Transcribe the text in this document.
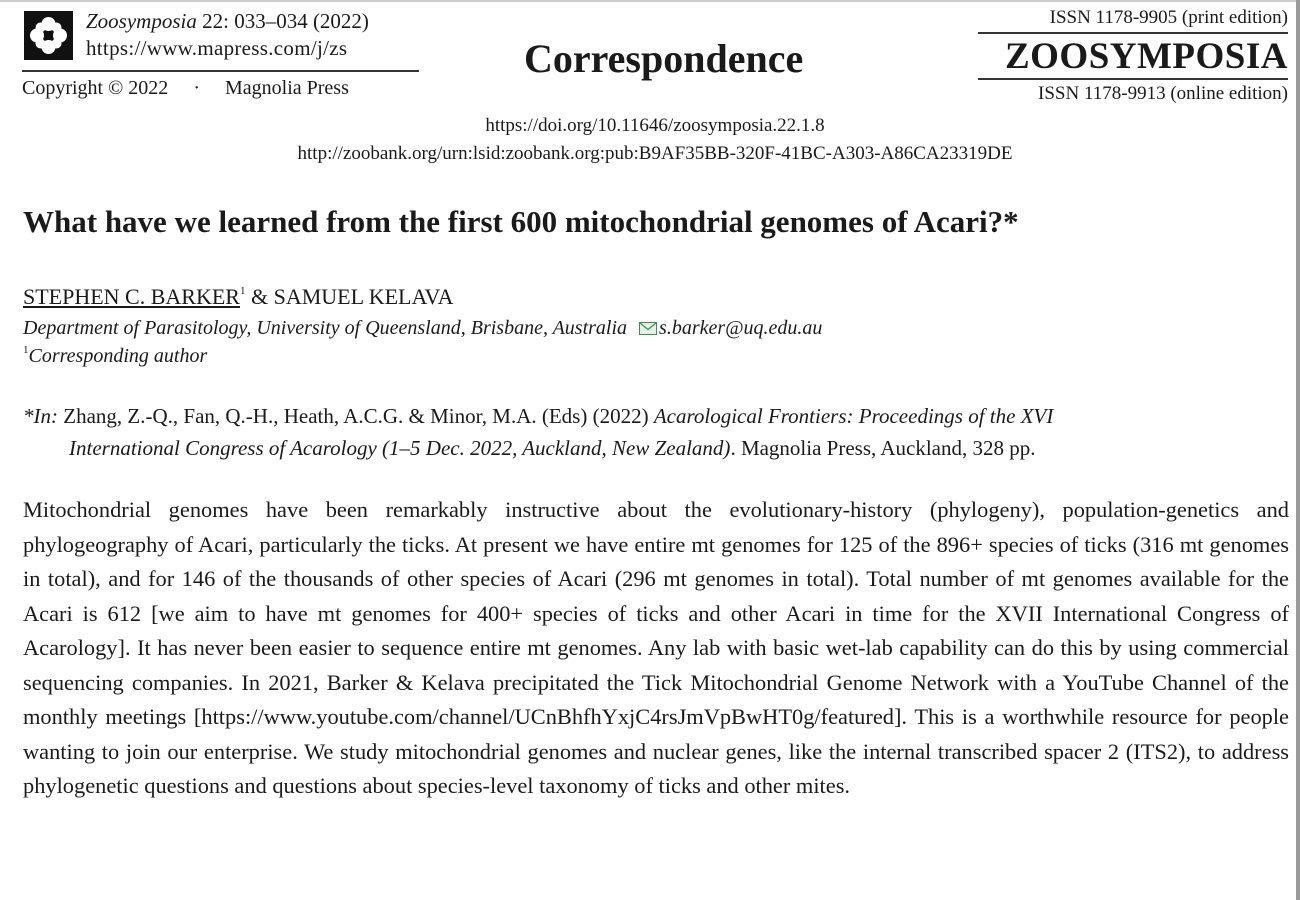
Zoosymposia 22: 033–034 (2022)
https://www.mapress.com/j/zs
Copyright © 2022 · Magnolia Press
Correspondence
ISSN 1178-9905 (print edition)
ZOOSYMPOSIA
ISSN 1178-9913 (online edition)
https://doi.org/10.11646/zoosymposia.22.1.8
http://zoobank.org/urn:lsid:zoobank.org:pub:B9AF35BB-320F-41BC-A303-A86CA23319DE
What have we learned from the first 600 mitochondrial genomes of Acari?*
STEPHEN C. BARKER$^1$ & SAMUEL KELAVA
Department of Parasitology, University of Queensland, Brisbane, Australia s.barker@uq.edu.au
$^1$Corresponding author
*In: Zhang, Z.-Q., Fan, Q.-H., Heath, A.C.G. & Minor, M.A. (Eds) (2022) Acarological Frontiers: Proceedings of the XVI
International Congress of Acarology (1–5 Dec. 2022, Auckland, New Zealand). Magnolia Press, Auckland, 328 pp.
Mitochondrial genomes have been remarkably instructive about the evolutionary-history (phylogeny), population-genetics and phylogeography of Acari, particularly the ticks. At present we have entire mt genomes for 125 of the 896+ species of ticks (316 mt genomes in total), and for 146 of the thousands of other species of Acari (296 mt genomes in total). Total number of mt genomes available for the Acari is 612 [we aim to have mt genomes for 400+ species of ticks and other Acari in time for the XVII International Congress of Acarology]. It has never been easier to sequence entire mt genomes. Any lab with basic wet-lab capability can do this by using commercial sequencing companies. In 2021, Barker & Kelava precipitated the Tick Mitochondrial Genome Network with a YouTube Channel of the monthly meetings [https://www.youtube.com/channel/UCnBhfhYxjC4rsJmVpBwHT0g/featured]. This is a worthwhile resource for people wanting to join our enterprise. We study mitochondrial genomes and nuclear genes, like the internal transcribed spacer 2 (ITS2), to address phylogenetic questions and questions about species-level taxonomy of ticks and other mites.
